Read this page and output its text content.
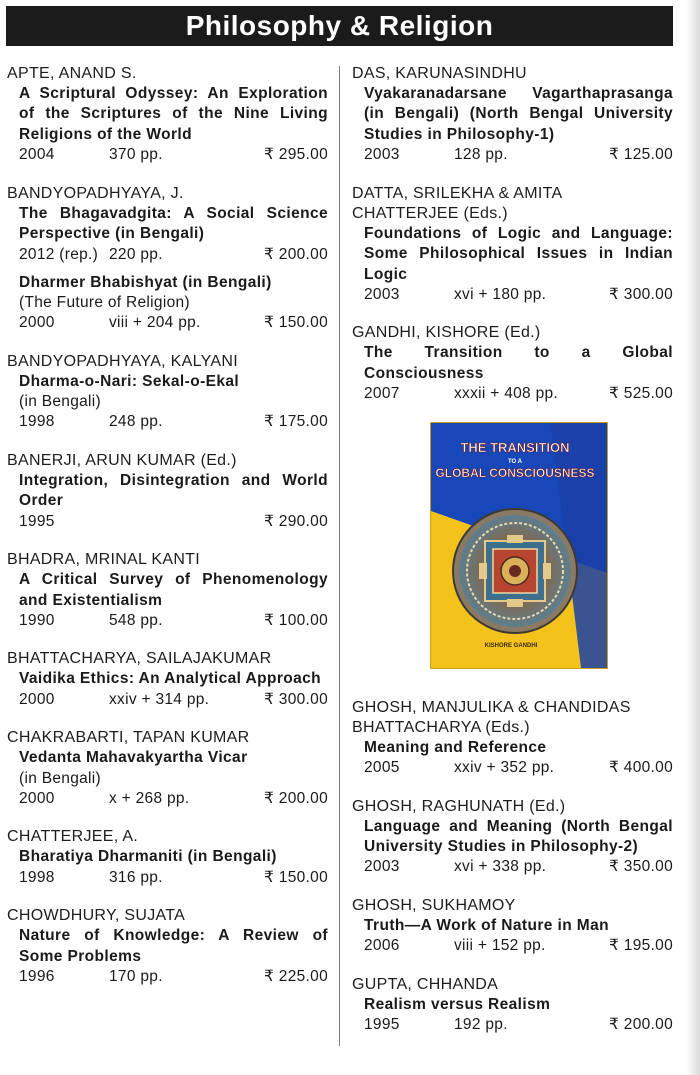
Philosophy & Religion
APTE, ANAND S.
A Scriptural Odyssey: An Exploration of the Scriptures of the Nine Living Religions of the World
2004	370 pp.	₹ 295.00
BANDYOPADHYAYA, J.
The Bhagavadgita: A Social Science Perspective (in Bengali)
2012 (rep.) 220 pp.	₹ 200.00
Dharmer Bhabishyat (in Bengali)
(The Future of Religion)
2000	viii + 204 pp.	₹ 150.00
BANDYOPADHYAYA, KALYANI
Dharma-o-Nari: Sekal-o-Ekal
(in Bengali)
1998	248 pp.	₹ 175.00
BANERJI, ARUN KUMAR (Ed.)
Integration, Disintegration and World Order
1995	₹ 290.00
BHADRA, MRINAL KANTI
A Critical Survey of Phenomenology and Existentialism
1990	548 pp.	₹ 100.00
BHATTACHARYA, SAILAJAKUMAR
Vaidika Ethics: An Analytical Approach
2000	xxiv + 314 pp.	₹ 300.00
CHAKRABARTI, TAPAN KUMAR
Vedanta Mahavakyartha Vicar
(in Bengali)
2000	x + 268 pp.	₹ 200.00
CHATTERJEE, A.
Bharatiya Dharmaniti (in Bengali)
1998	316 pp.	₹ 150.00
CHOWDHURY, SUJATA
Nature of Knowledge: A Review of Some Problems
1996	170 pp.	₹ 225.00
DAS, KARUNASINDHU
Vyakaranadarsane Vagarthaprasanga (in Bengali) (North Bengal University Studies in Philosophy-1)
2003	128 pp.	₹ 125.00
DATTA, SRILEKHA & AMITA CHATTERJEE (Eds.)
Foundations of Logic and Language: Some Philosophical Issues in Indian Logic
2003	xvi + 180 pp.	₹ 300.00
GANDHI, KISHORE (Ed.)
The Transition to a Global Consciousness
2007	xxxii + 408 pp.	₹ 525.00
THE TRANSITION
TO A
GLOBAL CONSCIOUSNESS
KISHORE GANDHI
GHOSH, MANJULIKA & CHANDIDAS BHATTACHARYA (Eds.)
Meaning and Reference
2005	xxiv + 352 pp.	₹ 400.00
GHOSH, RAGHUNATH (Ed.)
Language and Meaning (North Bengal University Studies in Philosophy-2)
2003	xvi + 338 pp.	₹ 350.00
GHOSH, SUKHAMOY
Truth—A Work of Nature in Man
2006	viii + 152 pp.	₹ 195.00
GUPTA, CHHANDA
Realism versus Realism
1995	192 pp.	₹ 200.00
